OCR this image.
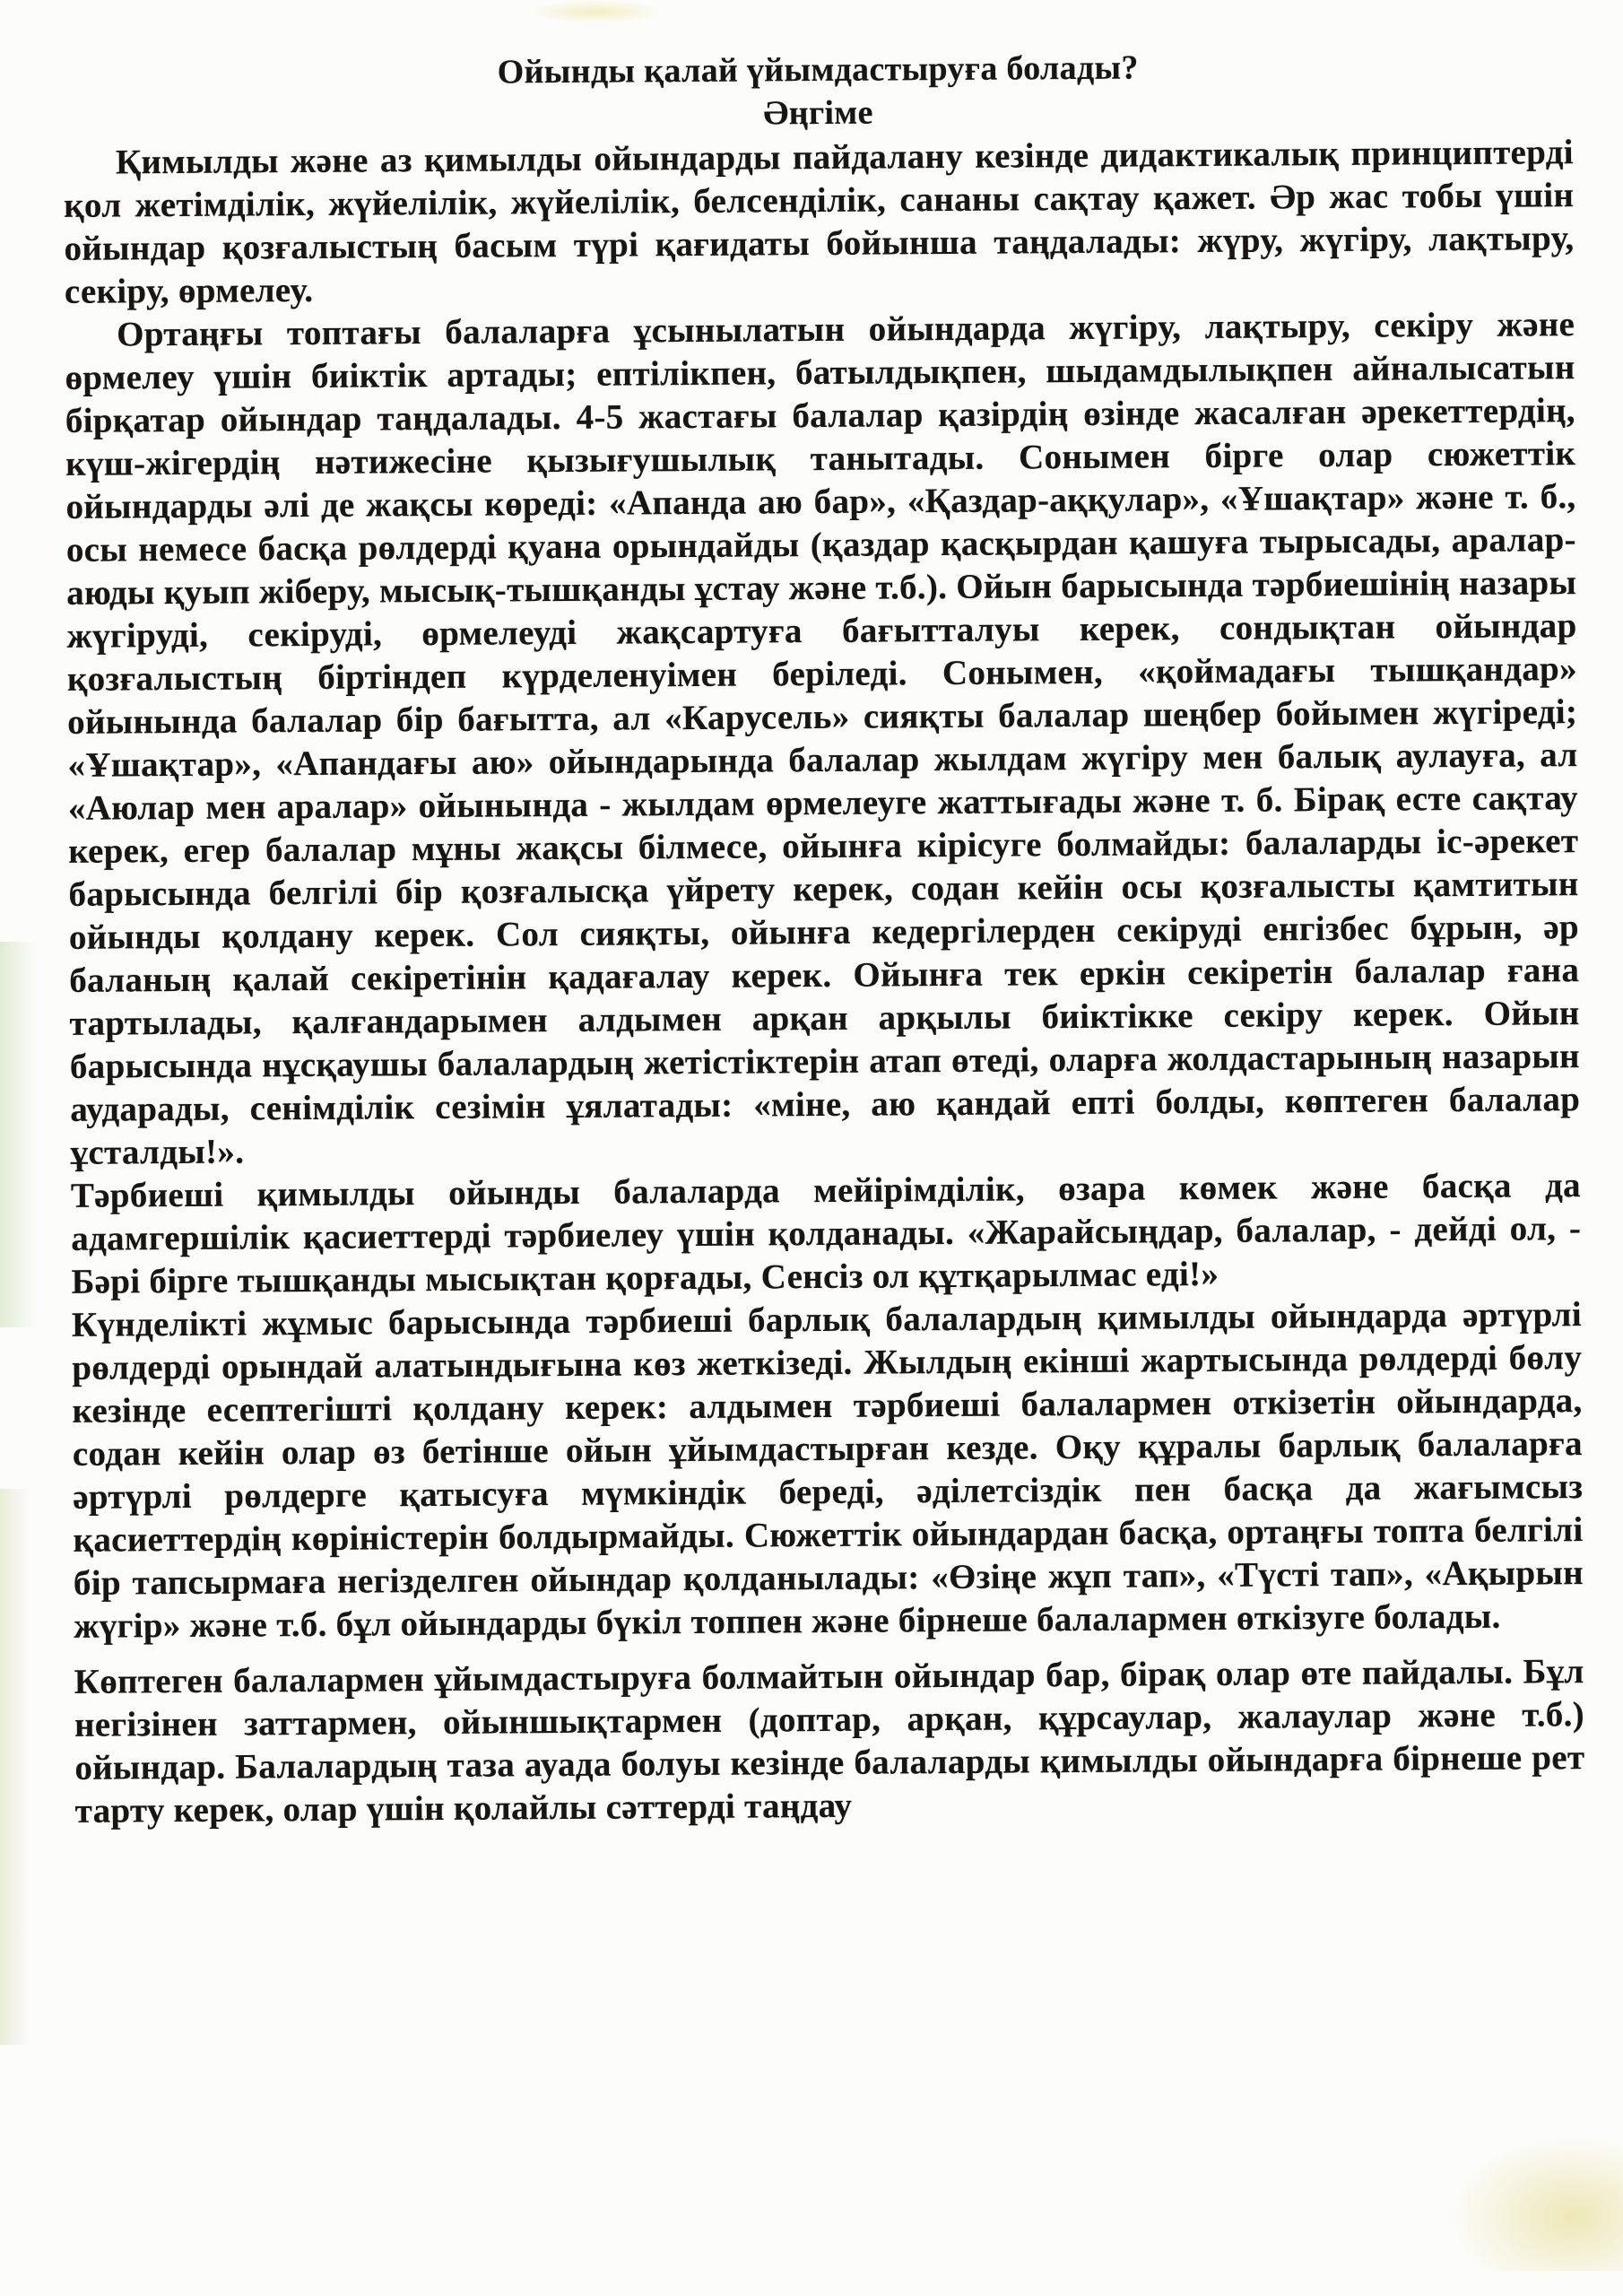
Ойынды қалай үйымдастыруға болады?

Әңгіме

Қимылды және аз қимылды ойындарды пайдалану кезінде дидактикалық принциптерді қол жетімділік, жүйелілік, жүйелілік, белсенділік, сананы сақтау қажет. Әр жас тобы үшін ойындар қозғалыстың басым түрі қағидаты бойынша таңдалады: жүру, жүгіру, лақтыру, секіру, өрмелеу.

Ортаңғы топтағы балаларға ұсынылатын ойындарда жүгіру, лақтыру, секіру және өрмелеу үшін биіктік артады; ептілікпен, батылдықпен, шыдамдылықпен айналысатын бірқатар ойындар таңдалады. 4-5 жастағы балалар қазірдің өзінде жасалған әрекеттердің, күш-жігердің нәтижесіне қызығушылық танытады. Сонымен бірге олар сюжеттік ойындарды әлі де жақсы көреді: «Апанда аю бар», «Қаздар-аққулар», «Ұшақтар» және т. б., осы немесе басқа рөлдерді қуана орындайды (қаздар қасқырдан қашуға тырысады, аралар-аюды қуып жіберу, мысық-тышқанды ұстау және т.б.). Ойын барысында тәрбиешінің назары жүгіруді, секіруді, өрмелеуді жақсартуға бағытталуы керек, сондықтан ойындар қозғалыстың біртіндеп күрделенуімен беріледі. Сонымен, «қоймадағы тышқандар» ойынында балалар бір бағытта, ал «Карусель» сияқты балалар шеңбер бойымен жүгіреді; «Ұшақтар», «Апандағы аю» ойындарында балалар жылдам жүгіру мен балық аулауға, ал «Аюлар мен аралар» ойынында - жылдам өрмелеуге жаттығады және т. б. Бірақ есте сақтау керек, егер балалар мұны жақсы білмесе, ойынға кірісуге болмайды: балаларды іс-әрекет барысында белгілі бір қозғалысқа үйрету керек, содан кейін осы қозғалысты қамтитын ойынды қолдану керек. Сол сияқты, ойынға кедергілерден секіруді енгізбес бұрын, әр баланың қалай секіретінін қадағалау керек. Ойынға тек еркін секіретін балалар ғана тартылады, қалғандарымен алдымен арқан арқылы биіктікке секіру керек. Ойын барысында нұсқаушы балалардың жетістіктерін атап өтеді, оларға жолдастарының назарын аударады, сенімділік сезімін ұялатады: «міне, аю қандай епті болды, көптеген балалар ұсталды!».

Тәрбиеші қимылды ойынды балаларда мейірімділік, өзара көмек және басқа да адамгершілік қасиеттерді тәрбиелеу үшін қолданады. «Жарайсыңдар, балалар, - дейді ол, - Бәрі бірге тышқанды мысықтан қорғады, Сенсіз ол құтқарылмас еді!»

Күнделікті жұмыс барысында тәрбиеші барлық балалардың қимылды ойындарда әртүрлі рөлдерді орындай алатындығына көз жеткізеді. Жылдың екінші жартысында рөлдерді бөлу кезінде есептегішті қолдану керек: алдымен тәрбиеші балалармен откізетін ойындарда, содан кейін олар өз бетінше ойын ұйымдастырған кезде. Оқу құралы барлық балаларға әртүрлі рөлдерге қатысуға мүмкіндік береді, әділетсіздік пен басқа да жағымсыз қасиеттердің көріністерін болдырмайды. Сюжеттік ойындардан басқа, ортаңғы топта белгілі бір тапсырмаға негізделген ойындар қолданылады: «Өзіңе жұп тап», «Түсті тап», «Ақырын жүгір» және т.б. бұл ойындарды бүкіл топпен және бірнеше балалармен өткізуге болады.

Көптеген балалармен ұйымдастыруға болмайтын ойындар бар, бірақ олар өте пайдалы. Бұл негізінен заттармен, ойыншықтармен (доптар, арқан, құрсаулар, жалаулар және т.б.) ойындар. Балалардың таза ауада болуы кезінде балаларды қимылды ойындарға бірнеше рет тарту керек, олар үшін қолайлы сәттерді таңдау
